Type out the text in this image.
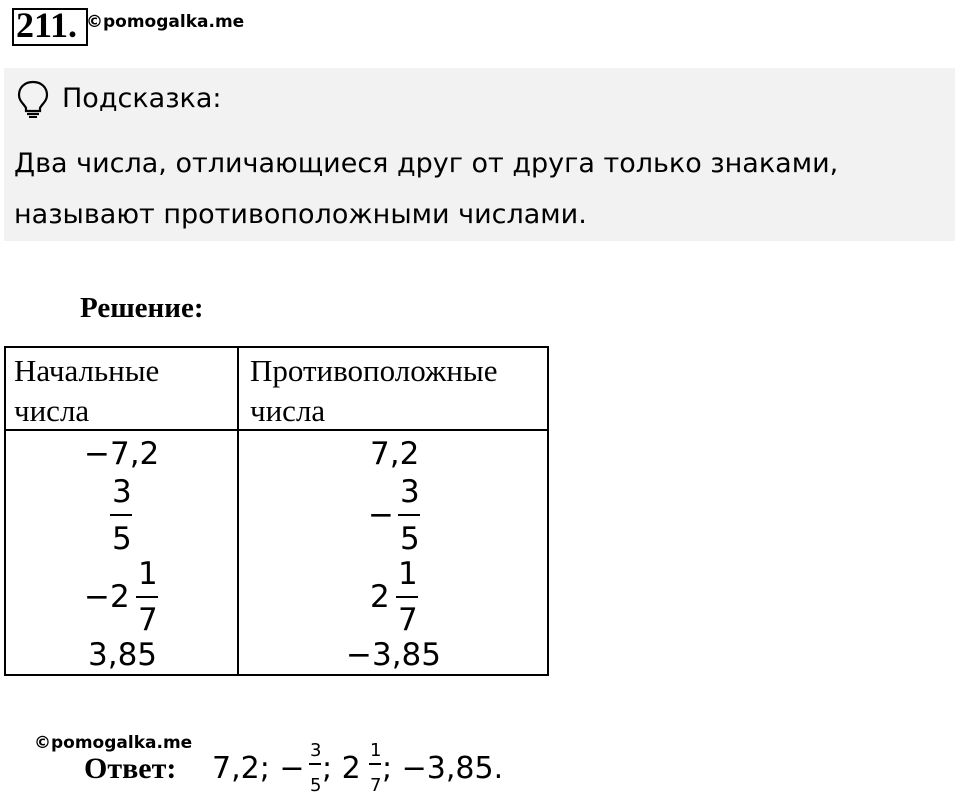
211. ©pomogalka.me
Подсказка:
Два числа, отличающиеся друг от друга только знаками,
называют противоположными числами.
Решение:
Начальные
числа
Противоположные
числа
−7,2	7,2
3
5
−
3
5
−2
1
7
2
1
7
3,85	−3,85
©pomogalka.me
Ответ: 7,2; −
3
5 ; 2
1
7 ; −3,85.
